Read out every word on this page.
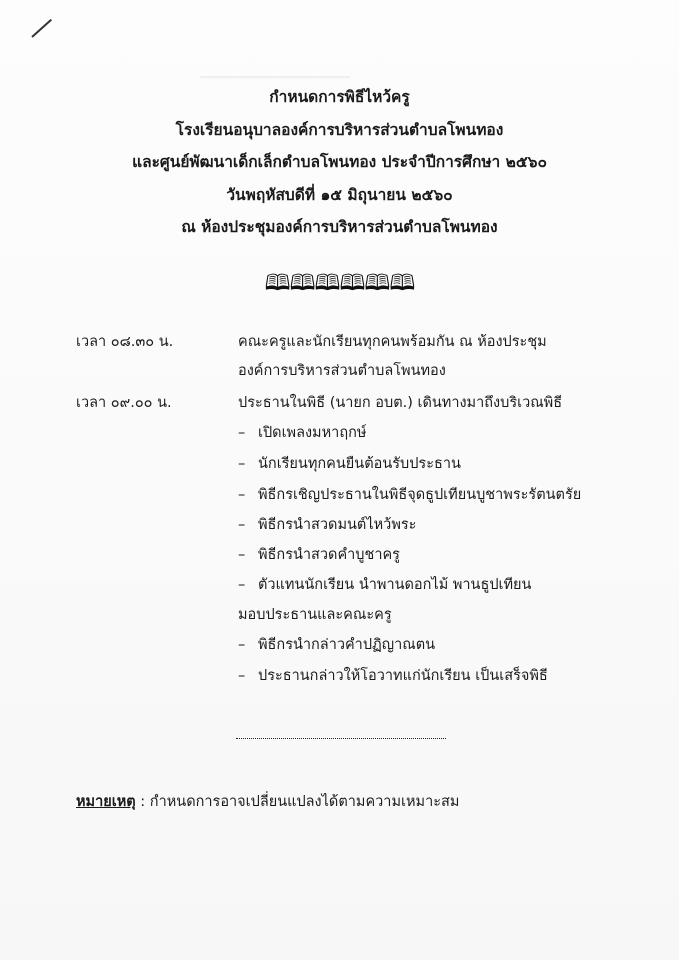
▁▁▁▁▁▁▁▁▁▁▁▁▁▁▁
กำหนดการพิธีไหว้ครู
โรงเรียนอนุบาลองค์การบริหารส่วนตำบลโพนทอง
และศูนย์พัฒนาเด็กเล็กตำบลโพนทอง ประจำปีการศึกษา ๒๕๖๐
วันพฤหัสบดีที่ ๑๕ มิถุนายน ๒๕๖๐
ณ ห้องประชุมองค์การบริหารส่วนตำบลโพนทอง
🕮🕮🕮🕮🕮🕮
เวลา ๐๘.๓๐ น.	คณะครูและนักเรียนทุกคนพร้อมกัน ณ ห้องประชุม
องค์การบริหารส่วนตำบลโพนทอง
เวลา ๐๙.๐๐ น.	ประธานในพิธี (นายก อบต.) เดินทางมาถึงบริเวณพิธี
– เปิดเพลงมหาฤกษ์
– นักเรียนทุกคนยืนต้อนรับประธาน
– พิธีกรเชิญประธานในพิธีจุดธูปเทียนบูชาพระรัตนตรัย
– พิธีกรนำสวดมนต์ไหว้พระ
– พิธีกรนำสวดคำบูชาครู
– ตัวแทนนักเรียน นำพานดอกไม้ พานธูปเทียน
มอบประธานและคณะครู
– พิธีกรนำกล่าวคำปฏิญาณตน
– ประธานกล่าวให้โอวาทแก่นักเรียน เป็นเสร็จพิธี
หมายเหตุ : กำหนดการอาจเปลี่ยนแปลงได้ตามความเหมาะสม
